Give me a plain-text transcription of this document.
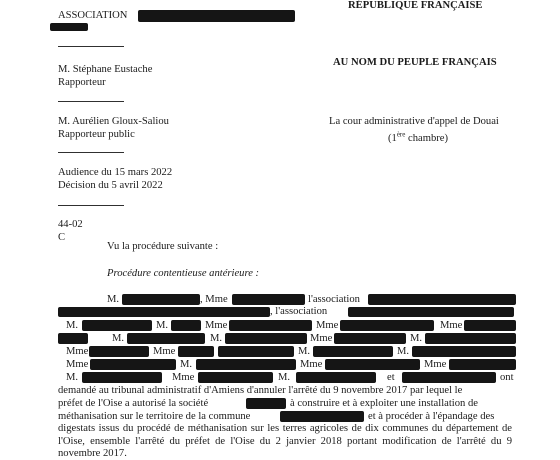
ASSOCIATION
RÉPUBLIQUE FRANÇAISE
AU NOM DU PEUPLE FRANÇAIS
La cour administrative d'appel de Douai
(1ère chambre)
M. Stéphane Eustache
Rapporteur
M. Aurélien Gloux-Saliou
Rapporteur public
Audience du 15 mars 2022
Décision du 5 avril 2022
44-02
C
Vu la procédure suivante :
Procédure contentieuse antérieure :
M.	, Mme	l'association
, l'association
M.	M.	Mme	Mme	Mme
M.	M.	Mme	M.
Mme	Mme	M.	M.
Mme	M.	Mme	Mme
M.	Mme	M.	et	ont
demandé au tribunal administratif d'Amiens d'annuler l'arrêté du 9 novembre 2017 par lequel le
préfet de l'Oise a autorisé la société	à construire et à exploiter une installation de
méthanisation sur le territoire de la commune	et à procéder à l'épandage des
digestats issus du procédé de méthanisation sur les terres agricoles de dix communes du département de l'Oise, ensemble l'arrêté du préfet de l'Oise du 2 janvier 2018 portant modification de l'arrêté du 9 novembre 2017.
